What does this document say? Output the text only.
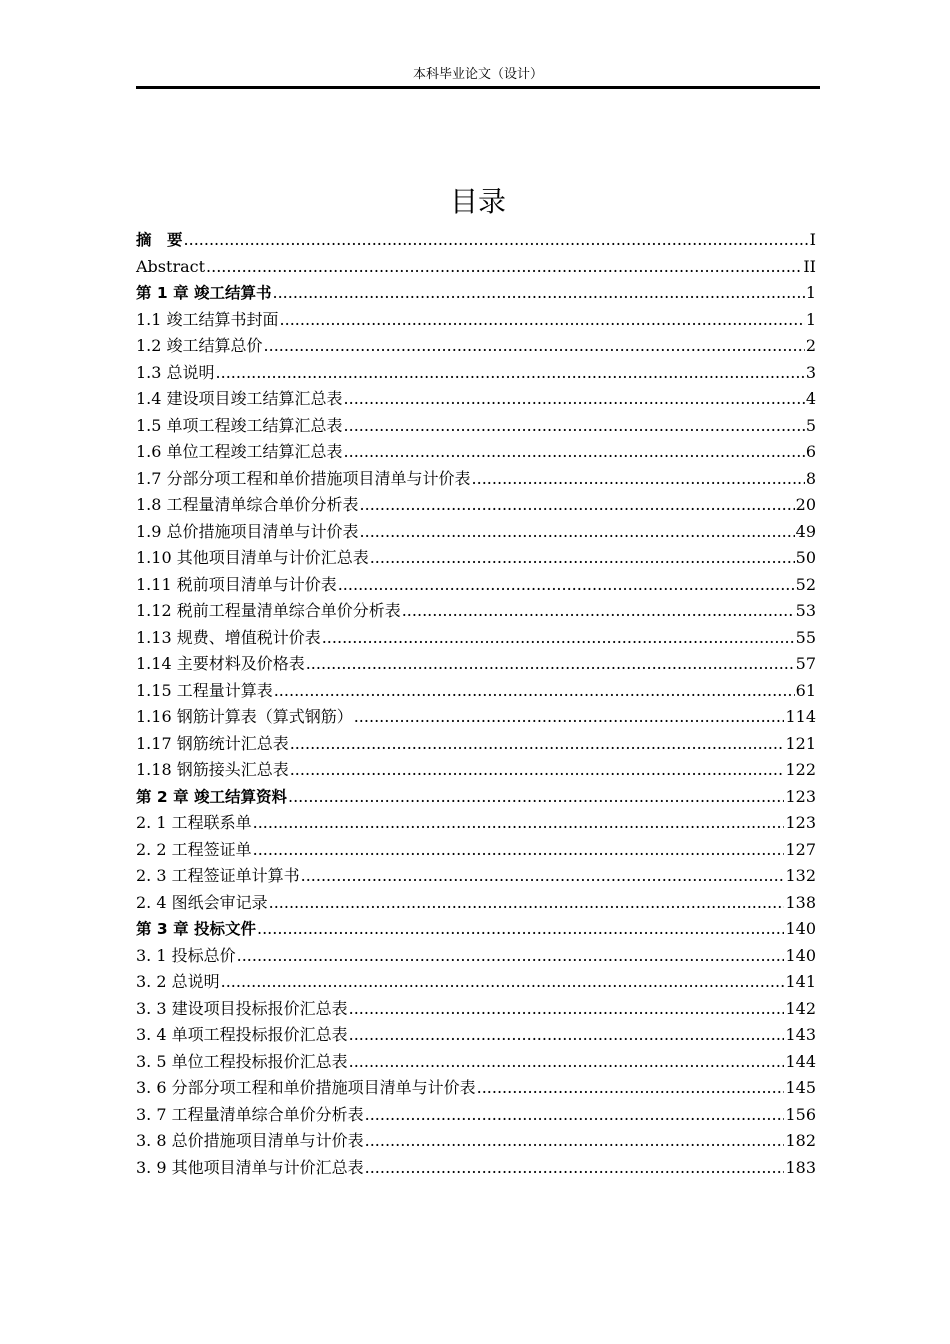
本科毕业论文（设计）
目录
摘　要 .....	I
Abstract .....	II
第 1 章 竣工结算书 .....	1
1.1 竣工结算书封面 .....	1
1.2 竣工结算总价 .....	2
1.3 总说明 .....	3
1.4 建设项目竣工结算汇总表 .....	4
1.5 单项工程竣工结算汇总表 .....	5
1.6 单位工程竣工结算汇总表 .....	6
1.7 分部分项工程和单价措施项目清单与计价表 .....	8
1.8 工程量清单综合单价分析表 .....	20
1.9 总价措施项目清单与计价表 .....	49
1.10 其他项目清单与计价汇总表 .....	50
1.11 税前项目清单与计价表 .....	52
1.12 税前工程量清单综合单价分析表 .....	53
1.13 规费、增值税计价表 .....	55
1.14 主要材料及价格表 .....	57
1.15 工程量计算表 .....	61
1.16 钢筋计算表（算式钢筋） .....	114
1.17 钢筋统计汇总表 .....	121
1.18 钢筋接头汇总表 .....	122
第 2 章 竣工结算资料 .....	123
2. 1 工程联系单 .....	123
2. 2 工程签证单 .....	127
2. 3 工程签证单计算书 .....	132
2. 4 图纸会审记录 .....	138
第 3 章 投标文件 .....	140
3. 1 投标总价 .....	140
3. 2 总说明 .....	141
3. 3 建设项目投标报价汇总表 .....	142
3. 4 单项工程投标报价汇总表 .....	143
3. 5 单位工程投标报价汇总表 .....	144
3. 6 分部分项工程和单价措施项目清单与计价表 .....	145
3. 7 工程量清单综合单价分析表 .....	156
3. 8 总价措施项目清单与计价表 .....	182
3. 9 其他项目清单与计价汇总表 .....	183
